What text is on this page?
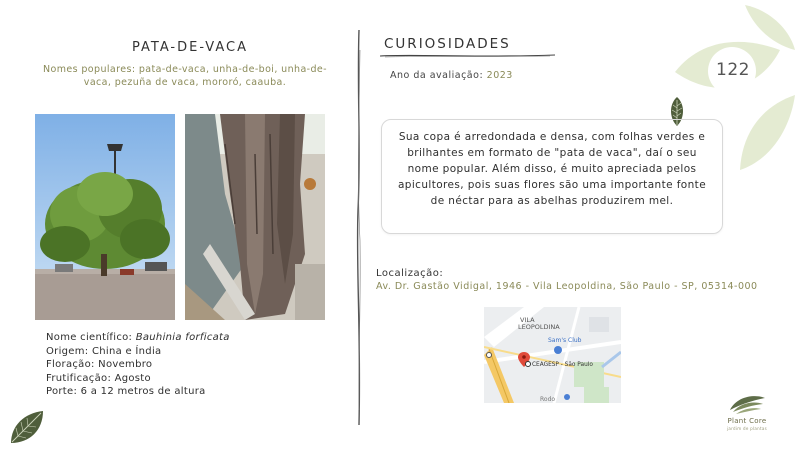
122
PATA-DE-VACA
Nomes populares: pata-de-vaca, unha-de-boi, unha-de-vaca, pezuña de vaca, mororó, caauba.
Nome científico: Bauhinia forficata
Origem: China e Índia
Floração: Novembro
Frutificação: Agosto
Porte: 6 a 12 metros de altura
CURIOSIDADES
Ano da avaliação: 2023

Sua copa é arredondada e densa, com folhas verdes e brilhantes em formato de "pata de vaca", daí o seu nome popular. Além disso, é muito apreciada pelos apicultores, pois suas flores são uma importante fonte de néctar para as abelhas produzirem mel.

Localização:
Av. Dr. Gastão Vidigal, 1946 - Vila Leopoldina, São Paulo - SP, 05314-000
VILA
LEOPOLDINA
Sam's Club
CEAGESP - São Paulo
Rodo
Plant Core
jardim de plantas
